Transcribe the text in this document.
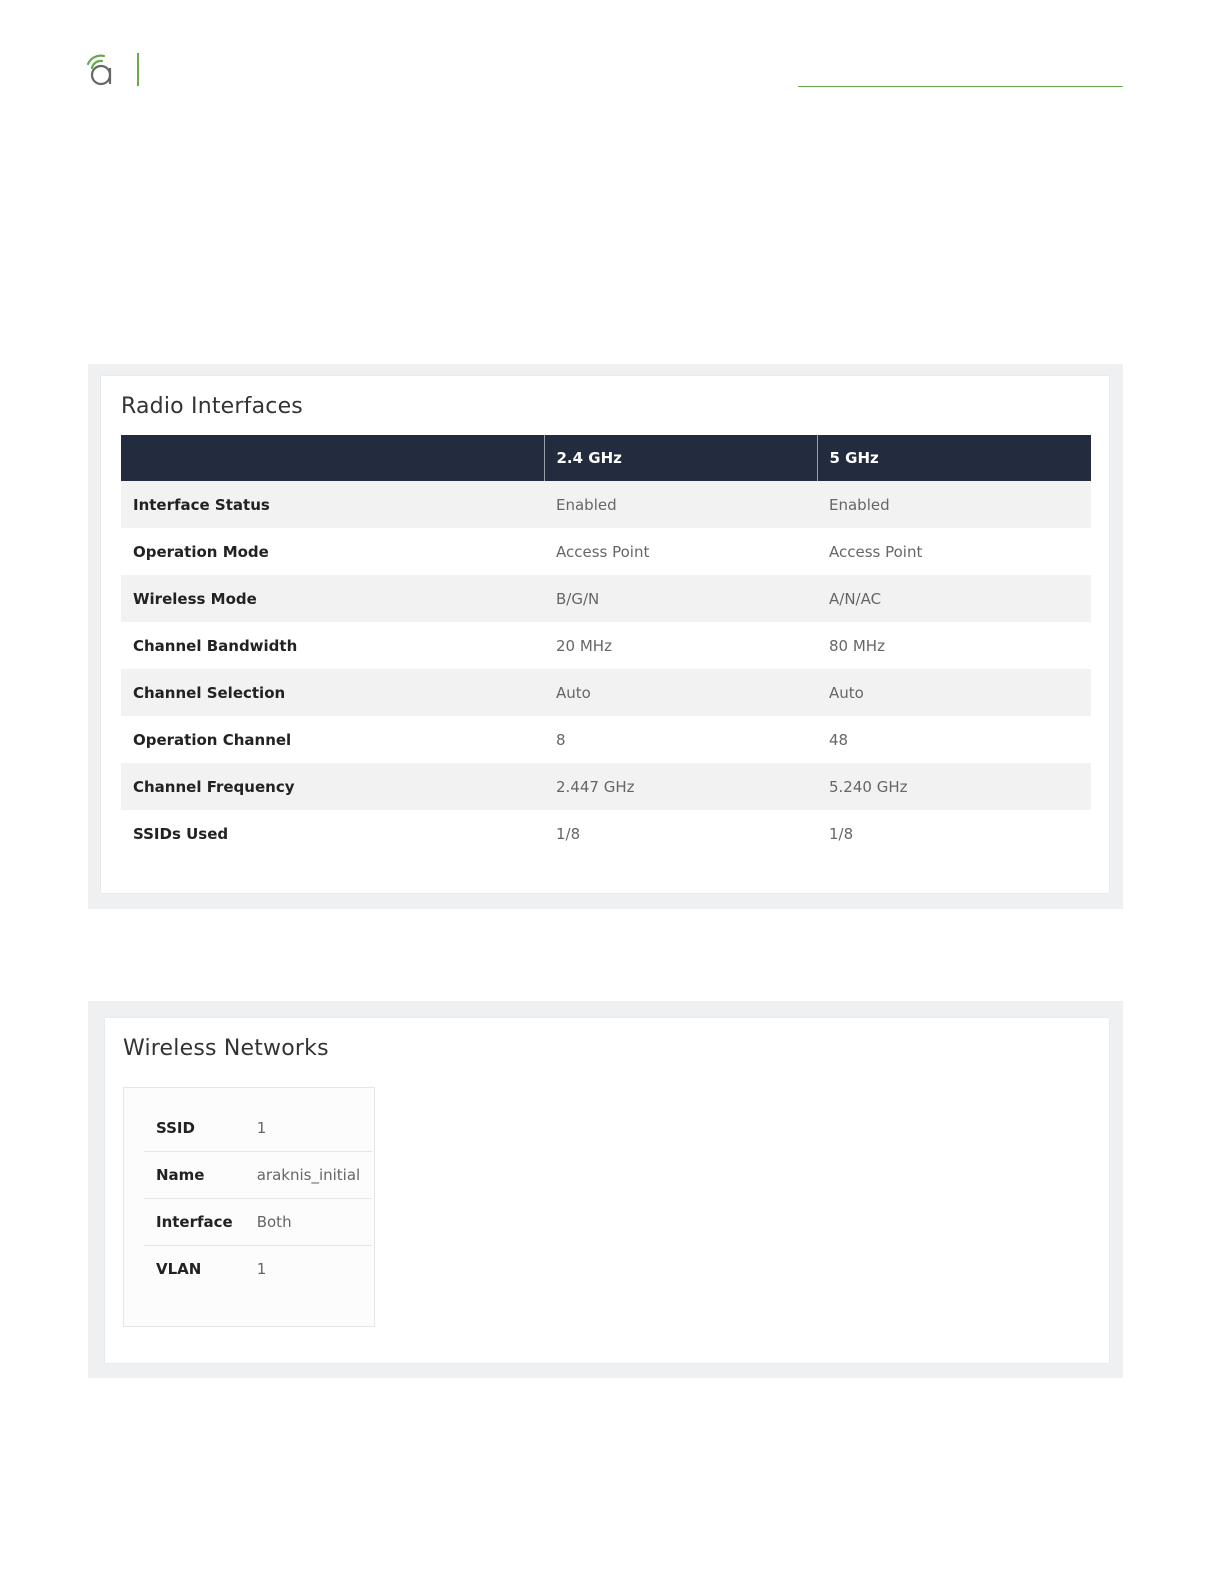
Radio Interfaces
	2.4 GHz	5 GHz
Interface Status	Enabled	Enabled
Operation Mode	Access Point	Access Point
Wireless Mode	B/G/N	A/N/AC
Channel Bandwidth	20 MHz	80 MHz
Channel Selection	Auto	Auto
Operation Channel	8	48
Channel Frequency	2.447 GHz	5.240 GHz
SSIDs Used	1/8	1/8
Wireless Networks
SSID	1
Name	araknis_initial
Interface	Both
VLAN	1
